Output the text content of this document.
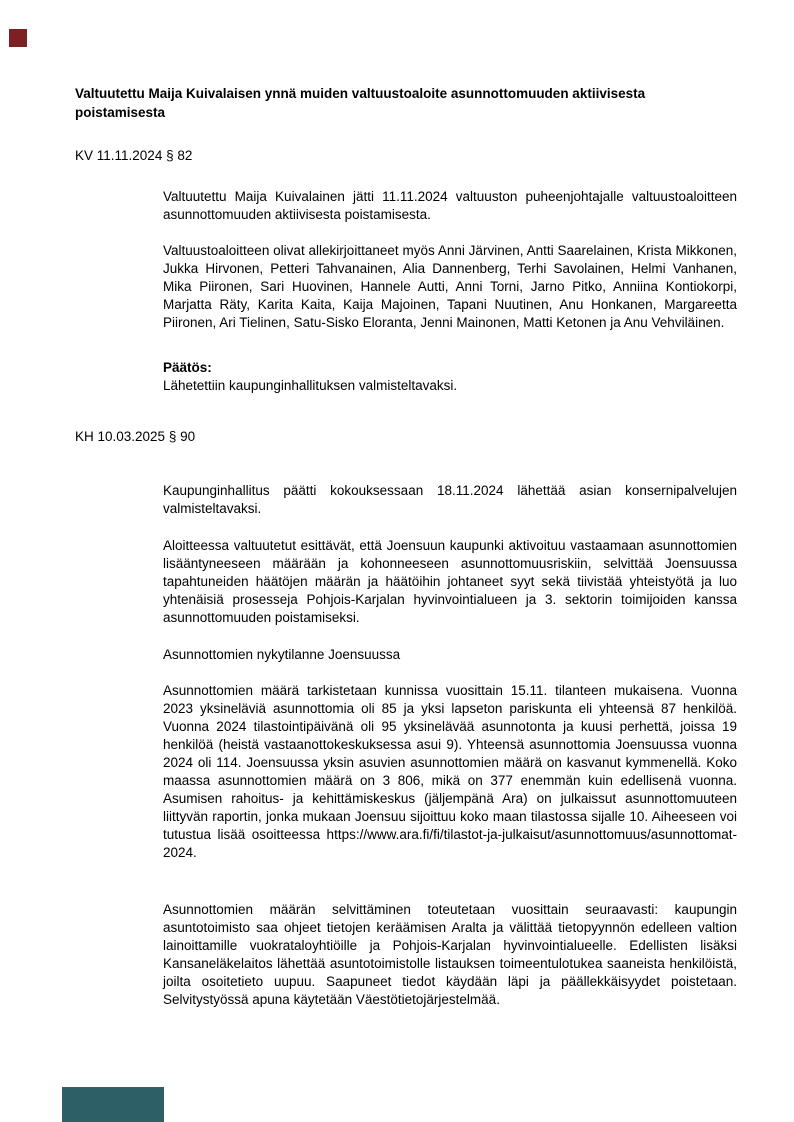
Valtuutettu Maija Kuivalaisen ynnä muiden valtuustoaloite asunnottomuuden aktiivisesta poistamisesta
KV 11.11.2024 § 82
Valtuutettu Maija Kuivalainen jätti 11.11.2024 valtuuston puheenjohtajalle valtuustoaloitteen asunnottomuuden aktiivisesta poistamisesta.
Valtuustoaloitteen olivat allekirjoittaneet myös Anni Järvinen, Antti Saarelainen, Krista Mikkonen, Jukka Hirvonen, Petteri Tahvanainen, Alia Dannenberg, Terhi Savolainen, Helmi Vanhanen, Mika Piironen, Sari Huovinen, Hannele Autti, Anni Torni, Jarno Pitko, Anniina Kontiokorpi, Marjatta Räty, Karita Kaita, Kaija Majoinen, Tapani Nuutinen, Anu Honkanen, Margareetta Piironen, Ari Tielinen, Satu-Sisko Eloranta, Jenni Mainonen, Matti Ketonen ja Anu Vehviläinen.
Päätös:
Lähetettiin kaupunginhallituksen valmisteltavaksi.
KH 10.03.2025 § 90
Kaupunginhallitus päätti kokouksessaan 18.11.2024 lähettää asian konsernipalvelujen valmisteltavaksi.
Aloitteessa valtuutetut esittävät, että Joensuun kaupunki aktivoituu vastaamaan asunnottomien lisääntyneeseen määrään ja kohonneeseen asunnottomuusriskiin, selvittää Joensuussa tapahtuneiden häätöjen määrän ja häätöihin johtaneet syyt sekä tiivistää yhteistyötä ja luo yhtenäisiä prosesseja Pohjois-Karjalan hyvinvointialueen ja 3. sektorin toimijoiden kanssa asunnottomuuden poistamiseksi.
Asunnottomien nykytilanne Joensuussa
Asunnottomien määrä tarkistetaan kunnissa vuosittain 15.11. tilanteen mukaisena. Vuonna 2023 yksineläviä asunnottomia oli 85 ja yksi lapseton pariskunta eli yhteensä 87 henkilöä. Vuonna 2024 tilastointipäivänä oli 95 yksinelävää asunnotonta ja kuusi perhettä, joissa 19 henkilöä (heistä vastaanottokeskuksessa asui 9). Yhteensä asunnottomia Joensuussa vuonna 2024 oli 114. Joensuussa yksin asuvien asunnottomien määrä on kasvanut kymmenellä. Koko maassa asunnottomien määrä on 3 806, mikä on 377 enemmän kuin edellisenä vuonna. Asumisen rahoitus- ja kehittämiskeskus (jäljempänä Ara) on julkaissut asunnottomuuteen liittyvän raportin, jonka mukaan Joensuu sijoittuu koko maan tilastossa sijalle 10. Aiheeseen voi tutustua lisää osoitteessa https://www.ara.fi/fi/tilastot-ja-julkaisut/asunnottomuus/asunnottomat-2024.
Asunnottomien määrän selvittäminen toteutetaan vuosittain seuraavasti: kaupungin asuntotoimisto saa ohjeet tietojen keräämisen Aralta ja välittää tietopyynnön edelleen valtion lainoittamille vuokrataloyhtiöille ja Pohjois-Karjalan hyvinvointialueelle. Edellisten lisäksi Kansaneläkelaitos lähettää asuntotoimistolle listauksen toimeentulotukea saaneista henkilöistä, joilta osoitetieto uupuu. Saapuneet tiedot käydään läpi ja päällekkäisyydet poistetaan. Selvitystyössä apuna käytetään Väestötietojärjestelmää.
